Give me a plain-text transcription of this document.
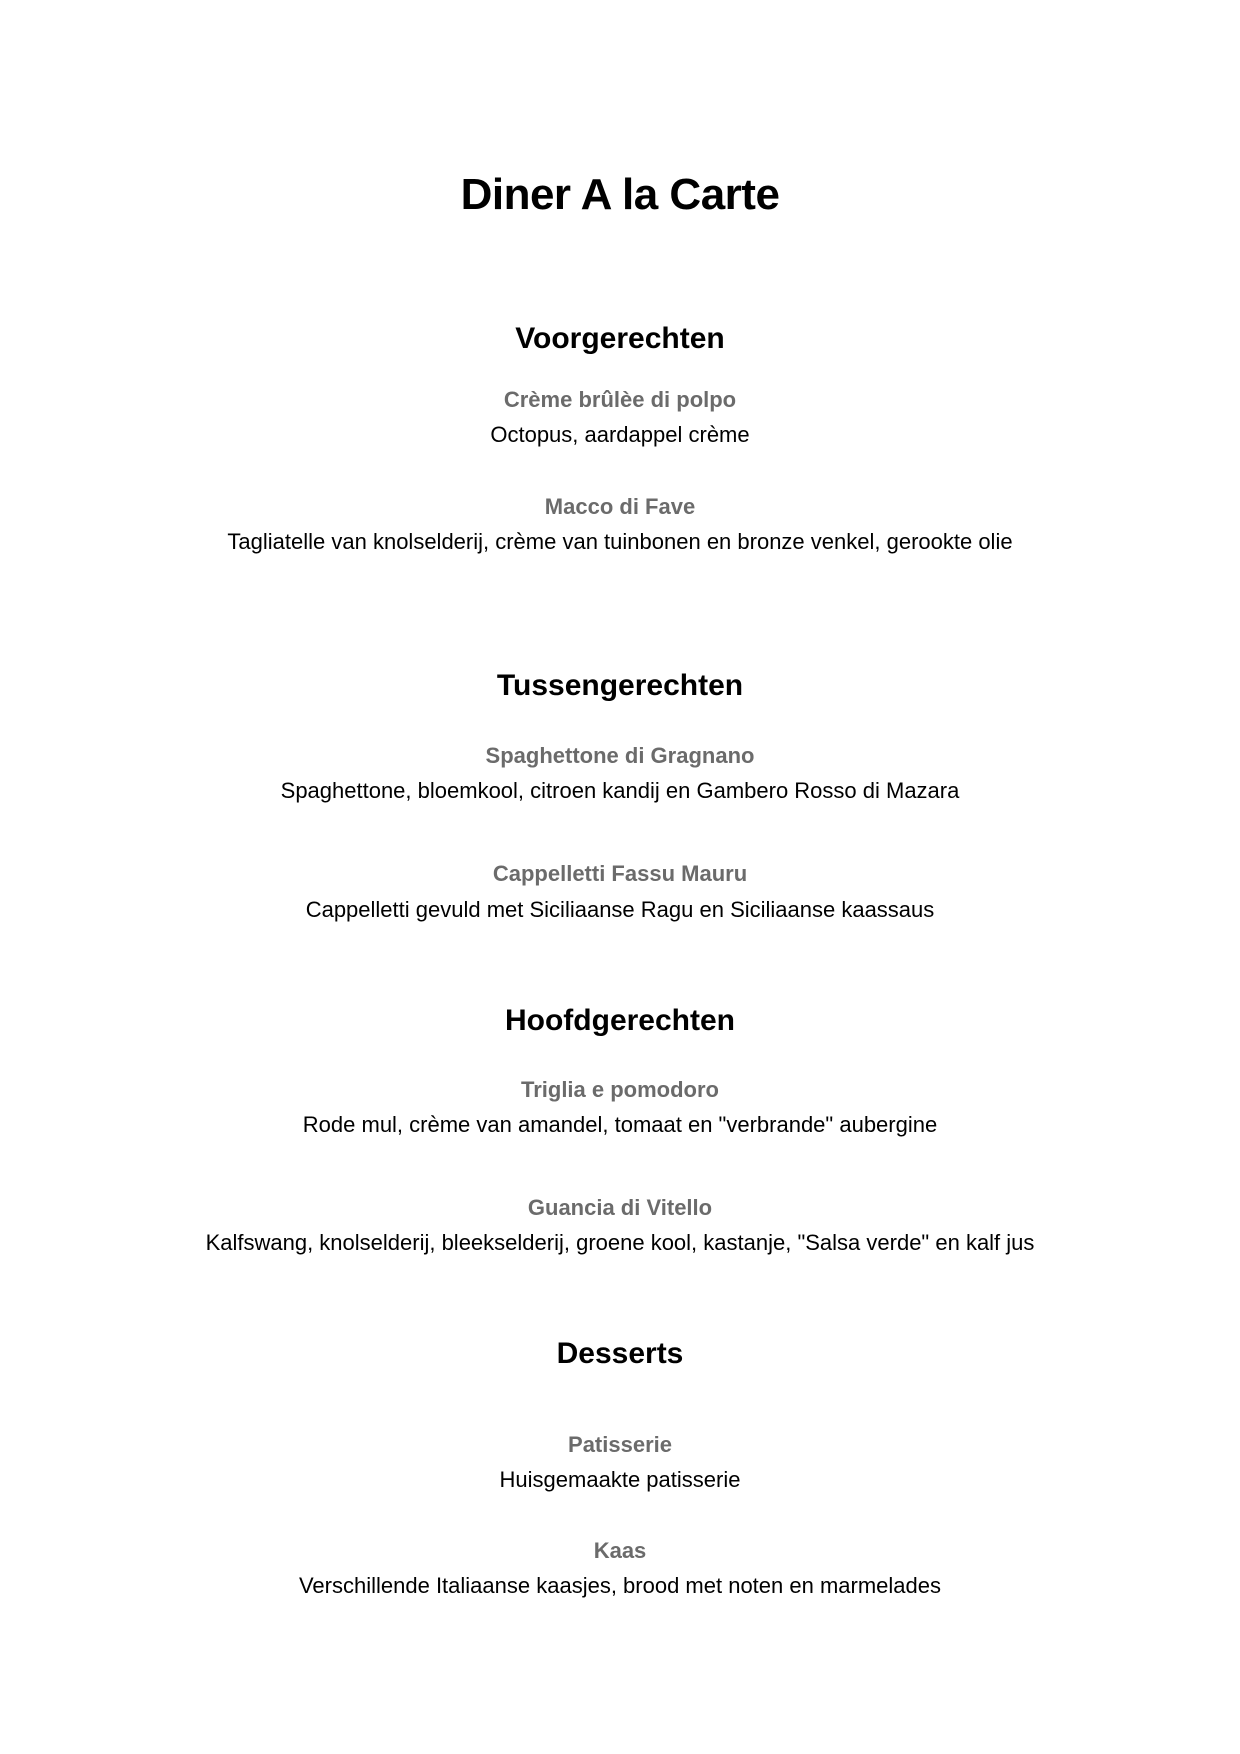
Diner A la Carte
Voorgerechten
Crème brûlèe di polpo
Octopus, aardappel crème
Macco di Fave
Tagliatelle van knolselderij, crème van tuinbonen en bronze venkel, gerookte olie
Tussengerechten
Spaghettone di Gragnano
Spaghettone, bloemkool, citroen kandij en Gambero Rosso di Mazara
Cappelletti Fassu Mauru
Cappelletti gevuld met Siciliaanse Ragu en Siciliaanse kaassaus
Hoofdgerechten
Triglia e pomodoro
Rode mul, crème van amandel, tomaat en "verbrande" aubergine
Guancia di Vitello
Kalfswang, knolselderij, bleekselderij, groene kool, kastanje, "Salsa verde" en kalf jus
Desserts
Patisserie
Huisgemaakte patisserie
Kaas
Verschillende Italiaanse kaasjes, brood met noten en marmelades
